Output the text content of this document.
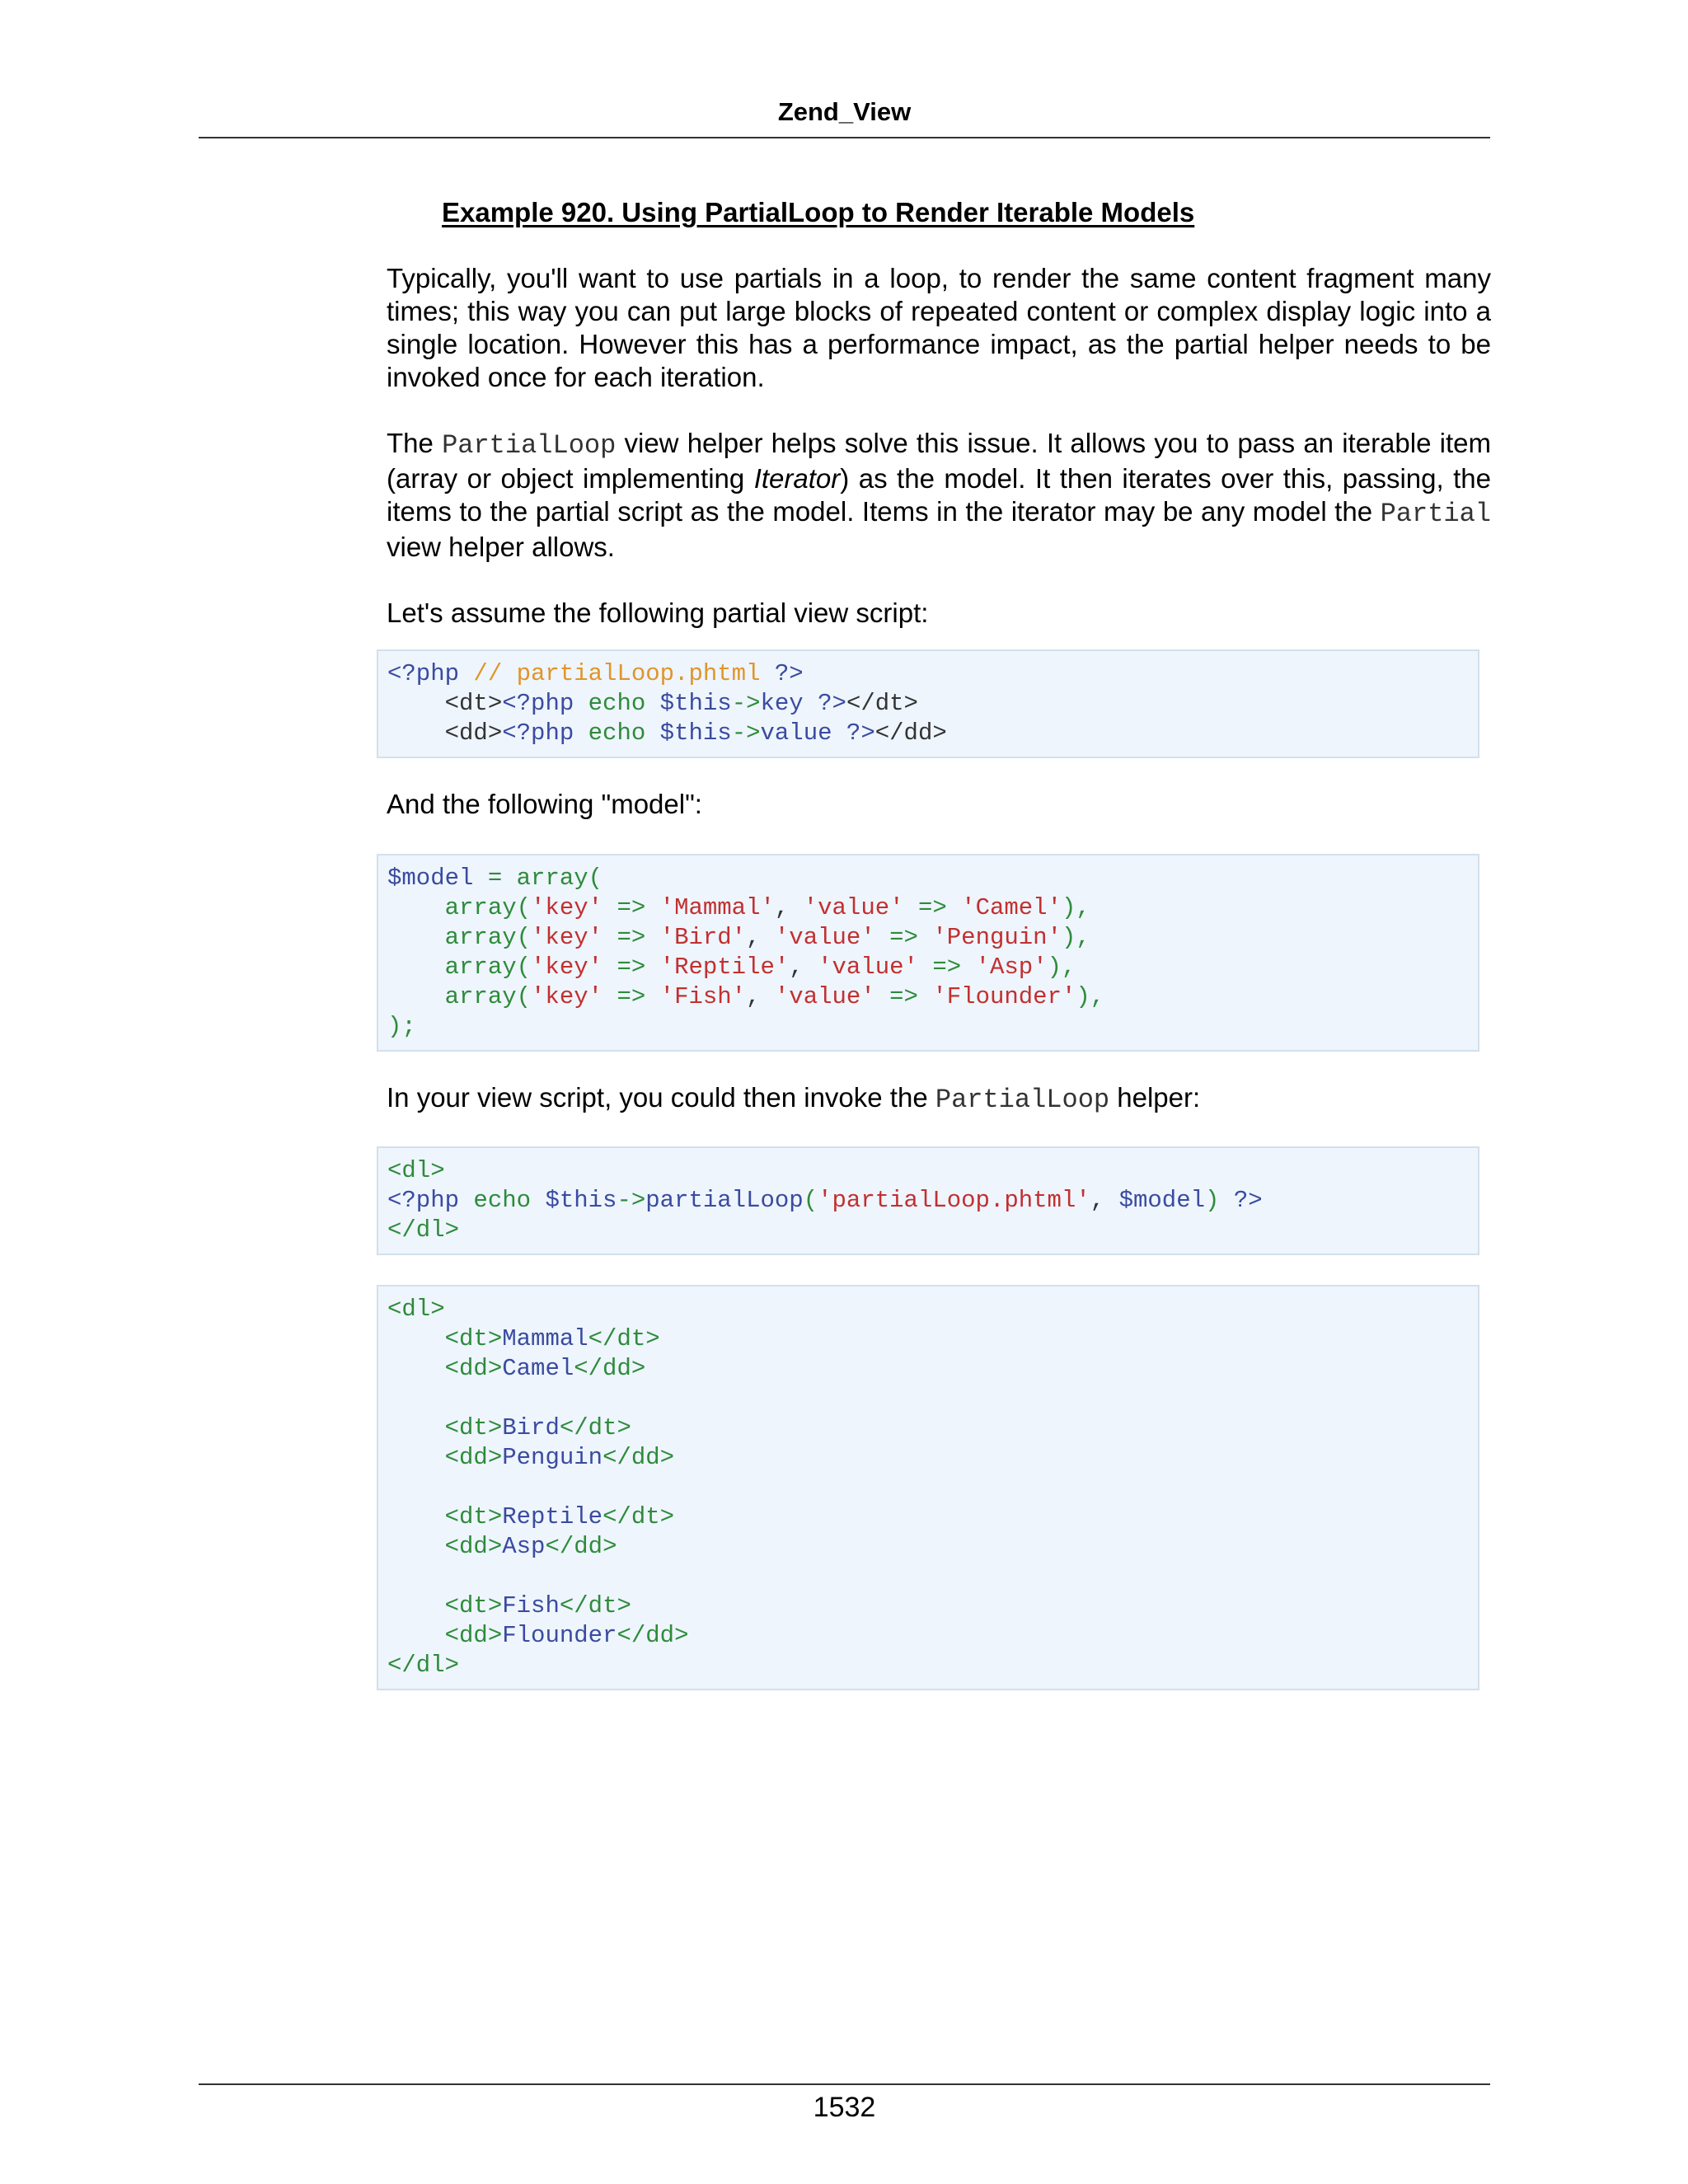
Zend_View
Example 920. Using PartialLoop to Render Iterable Models

Typically, you'll want to use partials in a loop, to render the same content fragment many times; this way you can put large blocks of repeated content or complex display logic into a single location. However this has a performance impact, as the partial helper needs to be invoked once for each iteration.

The PartialLoop view helper helps solve this issue. It allows you to pass an iterable item (array or object implementing Iterator) as the model. It then iterates over this, passing, the items to the partial script as the model. Items in the iterator may be any model the Partial view helper allows.

Let's assume the following partial view script:

<?php // partialLoop.phtml ?>
<dt><?php echo $this->key ?></dt>
<dd><?php echo $this->value ?></dd>

And the following "model":

$model = array(
array('key' => 'Mammal', 'value' => 'Camel'),
array('key' => 'Bird', 'value' => 'Penguin'),
array('key' => 'Reptile', 'value' => 'Asp'),
array('key' => 'Fish', 'value' => 'Flounder'),
);

In your view script, you could then invoke the PartialLoop helper:

<dl>
<?php echo $this->partialLoop('partialLoop.phtml', $model) ?>
</dl>
<dl>
<dt>Mammal</dt>
<dd>Camel</dd>
<dt>Bird</dt>
<dd>Penguin</dd>
<dt>Reptile</dt>
<dd>Asp</dd>
<dt>Fish</dt>
<dd>Flounder</dd>
</dl>
1532
